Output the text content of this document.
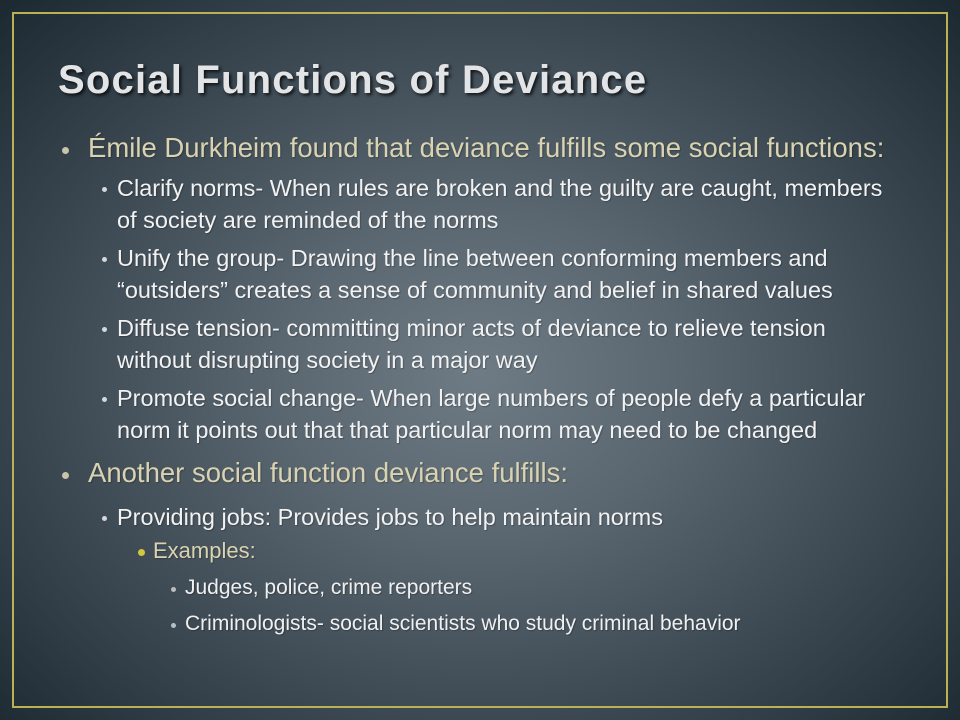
Social Functions of Deviance
Émile Durkheim found that deviance fulfills some social functions:
Clarify norms- When rules are broken and the guilty are caught, members
of society are reminded of the norms
Unify the group- Drawing the line between conforming members and
“outsiders” creates a sense of community and belief in shared values
Diffuse tension- committing minor acts of deviance to relieve tension
without disrupting society in a major way
Promote social change- When large numbers of people defy a particular
norm it points out that that particular norm may need to be changed
Another social function deviance fulfills:
Providing jobs: Provides jobs to help maintain norms
Examples:
Judges, police, crime reporters
Criminologists- social scientists who study criminal behavior
